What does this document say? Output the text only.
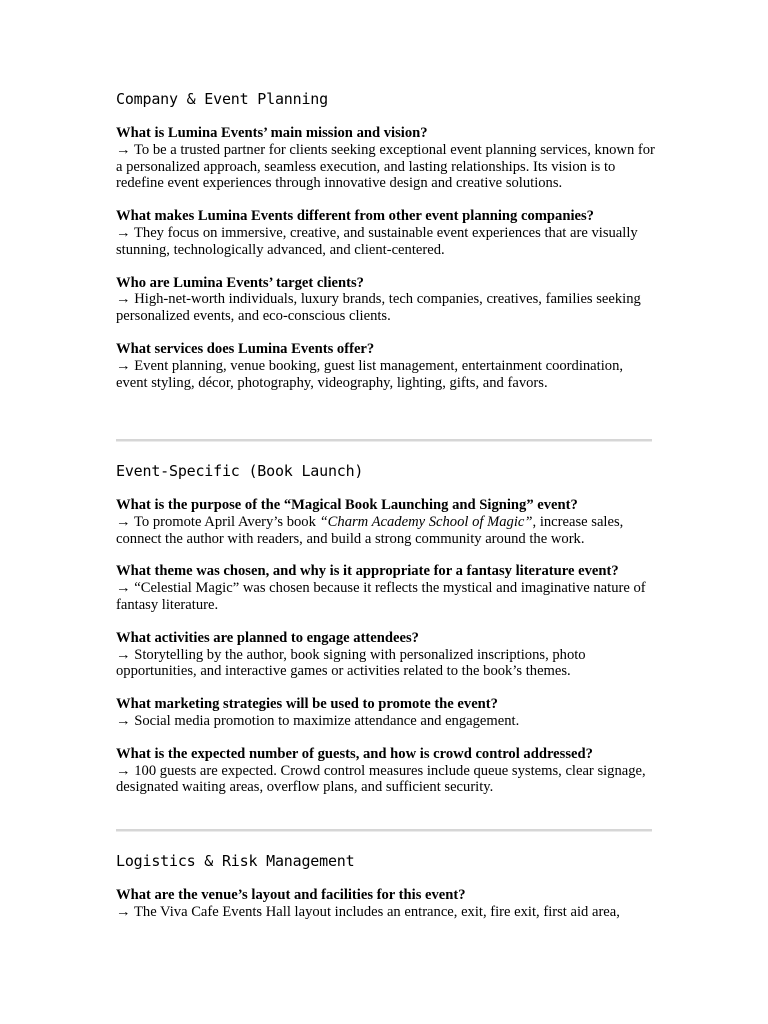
Company & Event Planning

What is Lumina Events’ main mission and vision?
→ To be a trusted partner for clients seeking exceptional event planning services, known for a personalized approach, seamless execution, and lasting relationships. Its vision is to redefine event experiences through innovative design and creative solutions.

What makes Lumina Events different from other event planning companies?
→ They focus on immersive, creative, and sustainable event experiences that are visually stunning, technologically advanced, and client-centered.

Who are Lumina Events’ target clients?
→ High-net-worth individuals, luxury brands, tech companies, creatives, families seeking personalized events, and eco-conscious clients.

What services does Lumina Events offer?
→ Event planning, venue booking, guest list management, entertainment coordination, event styling, décor, photography, videography, lighting, gifts, and favors.

Event-Specific (Book Launch)

What is the purpose of the “Magical Book Launching and Signing” event?
→ To promote April Avery’s book “Charm Academy School of Magic”, increase sales, connect the author with readers, and build a strong community around the work.

What theme was chosen, and why is it appropriate for a fantasy literature event?
→ “Celestial Magic” was chosen because it reflects the mystical and imaginative nature of fantasy literature.

What activities are planned to engage attendees?
→ Storytelling by the author, book signing with personalized inscriptions, photo opportunities, and interactive games or activities related to the book’s themes.

What marketing strategies will be used to promote the event?
→ Social media promotion to maximize attendance and engagement.

What is the expected number of guests, and how is crowd control addressed?
→ 100 guests are expected. Crowd control measures include queue systems, clear signage, designated waiting areas, overflow plans, and sufficient security.

Logistics & Risk Management

What are the venue’s layout and facilities for this event?
→ The Viva Cafe Events Hall layout includes an entrance, exit, fire exit, first aid area,
